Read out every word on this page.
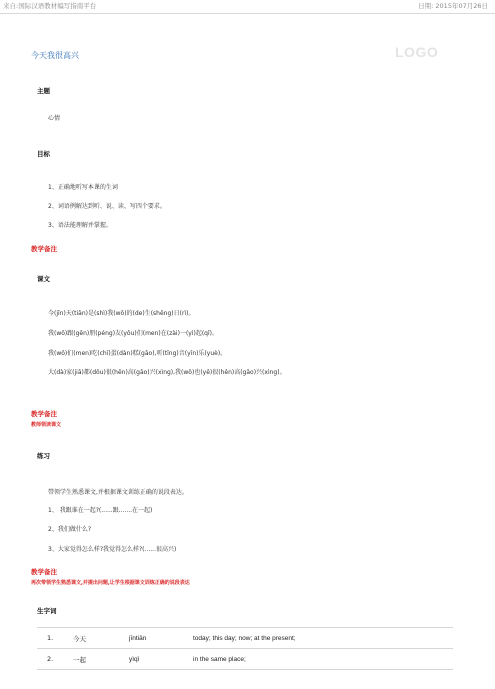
来自:国际汉语教材编写指南平台	日期: 2015年07月26日
今天我很高兴	LOGO
主题
心情
目标
1、正确地听写本课的生词
2、词语例解达到听、说、读、写四个要求。
3、语法能理解并掌握。
教学备注
课文
今(jīn)天(tiān)是(shì)我(wǒ)的(de)生(shēng)日(rì)。
我(wǒ)跟(gēn)朋(péng)友(yǒu)们(men)在(zài)一(yì)起(qǐ)。
我(wǒ)们(men)吃(chī)蛋(dàn)糕(gāo),听(tīng)音(yīn)乐(yuè)。
大(dà)家(jiā)都(dōu)很(hěn)高(gāo)兴(xìng),我(wǒ)也(yě)很(hěn)高(gāo)兴(xìng)。
教学备注
教师领读课文
练习
带领学生熟悉课文,并根据课文训练正确的说段表达。
1、 我跟谁在一起?(......跟.......在一起)
2、我们做什么?
3、大家觉得怎么样?我觉得怎么样?(......很高兴)
教学备注
再次带领学生熟悉课文,并提出问题,让学生根据课文训练正确的说段表达
生字词
1.	今天	jīntiān	today; this day; now; at the present;
2.	一起	yìqǐ	in the same place;
